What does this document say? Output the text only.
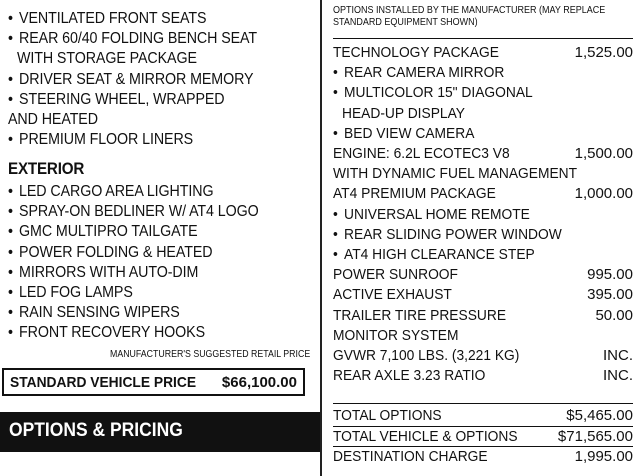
• VENTILATED FRONT SEATS
• REAR 60/40 FOLDING BENCH SEAT
WITH STORAGE PACKAGE
• DRIVER SEAT & MIRROR MEMORY
• STEERING WHEEL, WRAPPED
AND HEATED
• PREMIUM FLOOR LINERS
EXTERIOR
• LED CARGO AREA LIGHTING
• SPRAY-ON BEDLINER W/ AT4 LOGO
• GMC MULTIPRO TAILGATE
• POWER FOLDING & HEATED
• MIRRORS WITH AUTO-DIM
• LED FOG LAMPS
• RAIN SENSING WIPERS
• FRONT RECOVERY HOOKS
MANUFACTURER'S SUGGESTED RETAIL PRICE
STANDARD VEHICLE PRICE $66,100.00
OPTIONS & PRICING
OPTIONS INSTALLED BY THE MANUFACTURER (MAY REPLACE
STANDARD EQUIPMENT SHOWN)
TECHNOLOGY PACKAGE	1,525.00
• REAR CAMERA MIRROR
• MULTICOLOR 15" DIAGONAL
HEAD-UP DISPLAY
• BED VIEW CAMERA
ENGINE: 6.2L ECOTEC3 V8	1,500.00
WITH DYNAMIC FUEL MANAGEMENT
AT4 PREMIUM PACKAGE	1,000.00
• UNIVERSAL HOME REMOTE
• REAR SLIDING POWER WINDOW
• AT4 HIGH CLEARANCE STEP
POWER SUNROOF	995.00
ACTIVE EXHAUST	395.00
TRAILER TIRE PRESSURE	50.00
MONITOR SYSTEM
GVWR 7,100 LBS. (3,221 KG)	INC.
REAR AXLE 3.23 RATIO	INC.
TOTAL OPTIONS	$5,465.00
TOTAL VEHICLE & OPTIONS	$71,565.00
DESTINATION CHARGE	1,995.00
